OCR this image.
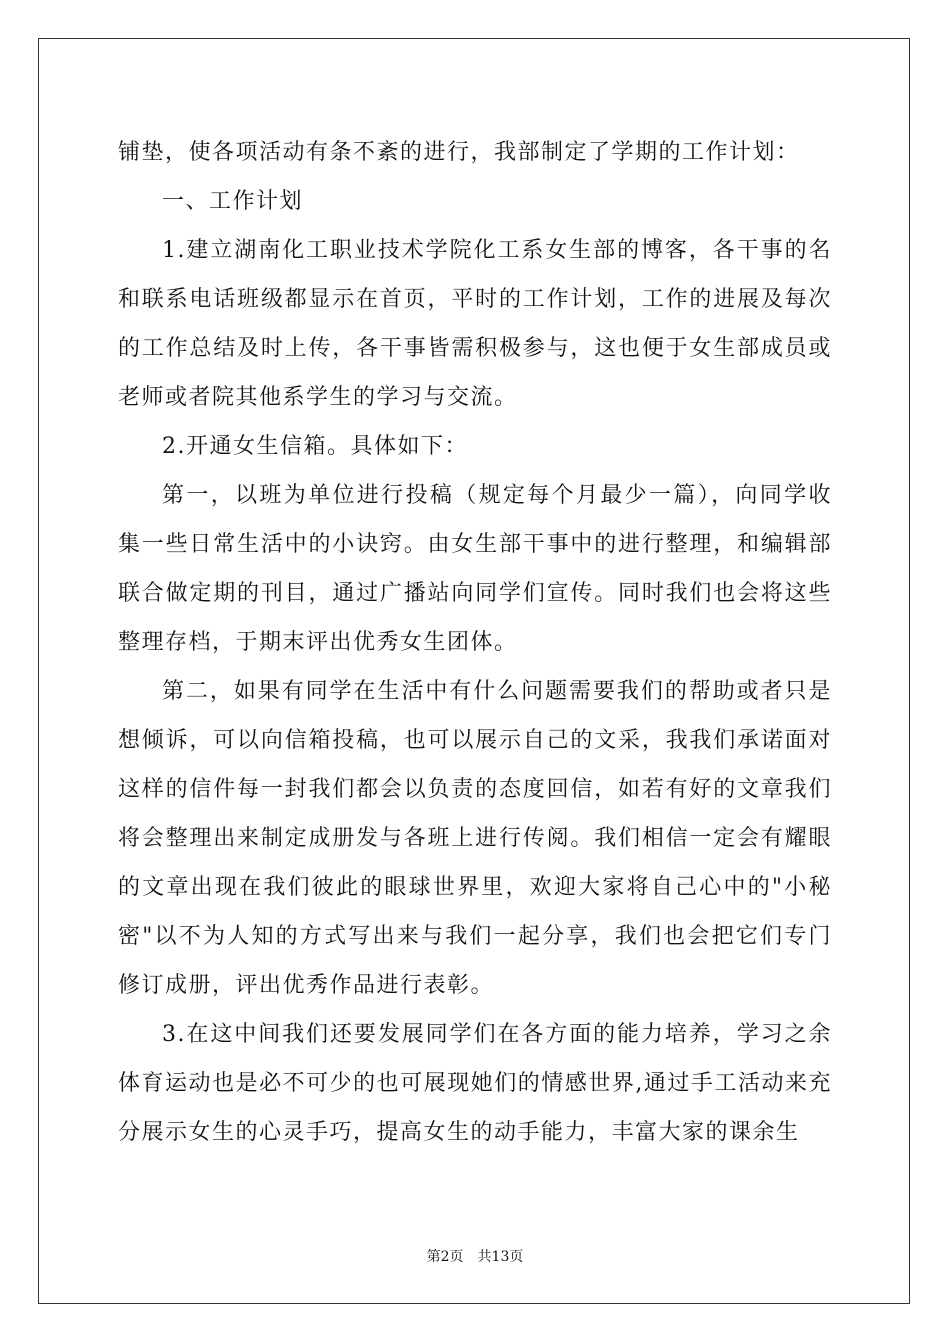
铺垫，使各项活动有条不紊的进行，我部制定了学期的工作计划：

一、工作计划

1.建立湖南化工职业技术学院化工系女生部的博客，各干事的名和联系电话班级都显示在首页，平时的工作计划，工作的进展及每次的工作总结及时上传，各干事皆需积极参与，这也便于女生部成员或老师或者院其他系学生的学习与交流。

2.开通女生信箱。具体如下：

第一，以班为单位进行投稿（规定每个月最少一篇），向同学收集一些日常生活中的小诀窍。由女生部干事中的进行整理，和编辑部联合做定期的刊目，通过广播站向同学们宣传。同时我们也会将这些整理存档，于期末评出优秀女生团体。

第二，如果有同学在生活中有什么问题需要我们的帮助或者只是想倾诉，可以向信箱投稿，也可以展示自己的文采，我我们承诺面对这样的信件每一封我们都会以负责的态度回信，如若有好的文章我们将会整理出来制定成册发与各班上进行传阅。我们相信一定会有耀眼的文章出现在我们彼此的眼球世界里，欢迎大家将自己心中的"小秘密"以不为人知的方式写出来与我们一起分享，我们也会把它们专门修订成册，评出优秀作品进行表彰。

3.在这中间我们还要发展同学们在各方面的能力培养，学习之余体育运动也是必不可少的也可展现她们的情感世界,通过手工活动来充分展示女生的心灵手巧，提高女生的动手能力，丰富大家的课余生

第2页 共13页
